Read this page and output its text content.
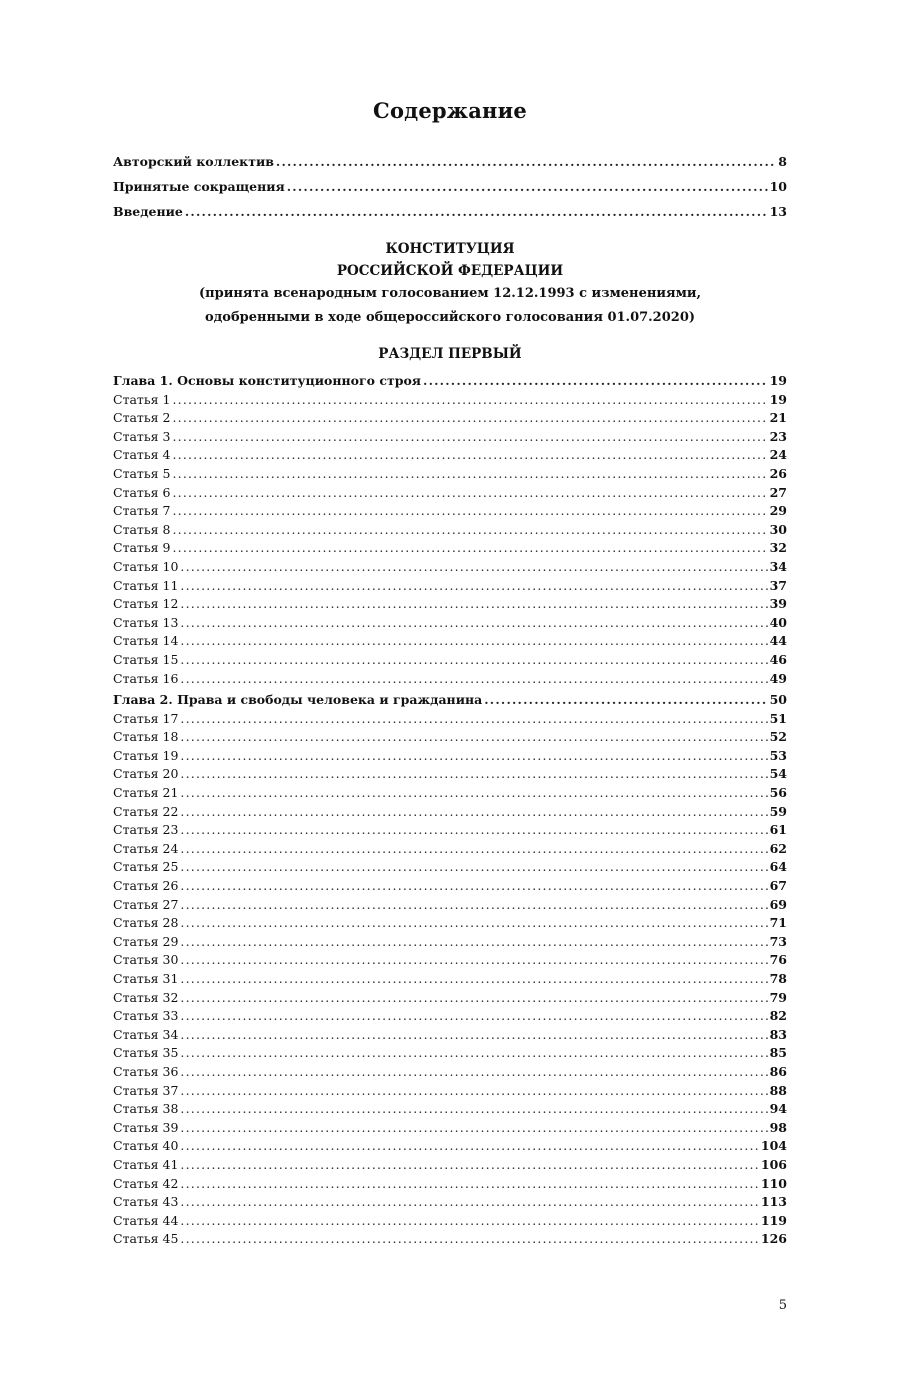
Содержание
Авторский коллектив .....	8
Принятые сокращения .....	10
Введение .....	13
КОНСТИТУЦИЯ
РОССИЙСКОЙ ФЕДЕРАЦИИ
(принята всенародным голосованием 12.12.1993 с изменениями,
одобренными в ходе общероссийского голосования 01.07.2020)
РАЗДЕЛ ПЕРВЫЙ
Глава 1. Основы конституционного строя .....	19
Статья 1 .....	19
Статья 2 .....	21
Статья 3 .....	23
Статья 4 .....	24
Статья 5 .....	26
Статья 6 .....	27
Статья 7 .....	29
Статья 8 .....	30
Статья 9 .....	32
Статья 10 .....	34
Статья 11 .....	37
Статья 12 .....	39
Статья 13 .....	40
Статья 14 .....	44
Статья 15 .....	46
Статья 16 .....	49
Глава 2. Права и свободы человека и гражданина .....	50
Статья 17 .....	51
Статья 18 .....	52
Статья 19 .....	53
Статья 20 .....	54
Статья 21 .....	56
Статья 22 .....	59
Статья 23 .....	61
Статья 24 .....	62
Статья 25 .....	64
Статья 26 .....	67
Статья 27 .....	69
Статья 28 .....	71
Статья 29 .....	73
Статья 30 .....	76
Статья 31 .....	78
Статья 32 .....	79
Статья 33 .....	82
Статья 34 .....	83
Статья 35 .....	85
Статья 36 .....	86
Статья 37 .....	88
Статья 38 .....	94
Статья 39 .....	98
Статья 40 .....	104
Статья 41 .....	106
Статья 42 .....	110
Статья 43 .....	113
Статья 44 .....	119
Статья 45 .....	126
5
